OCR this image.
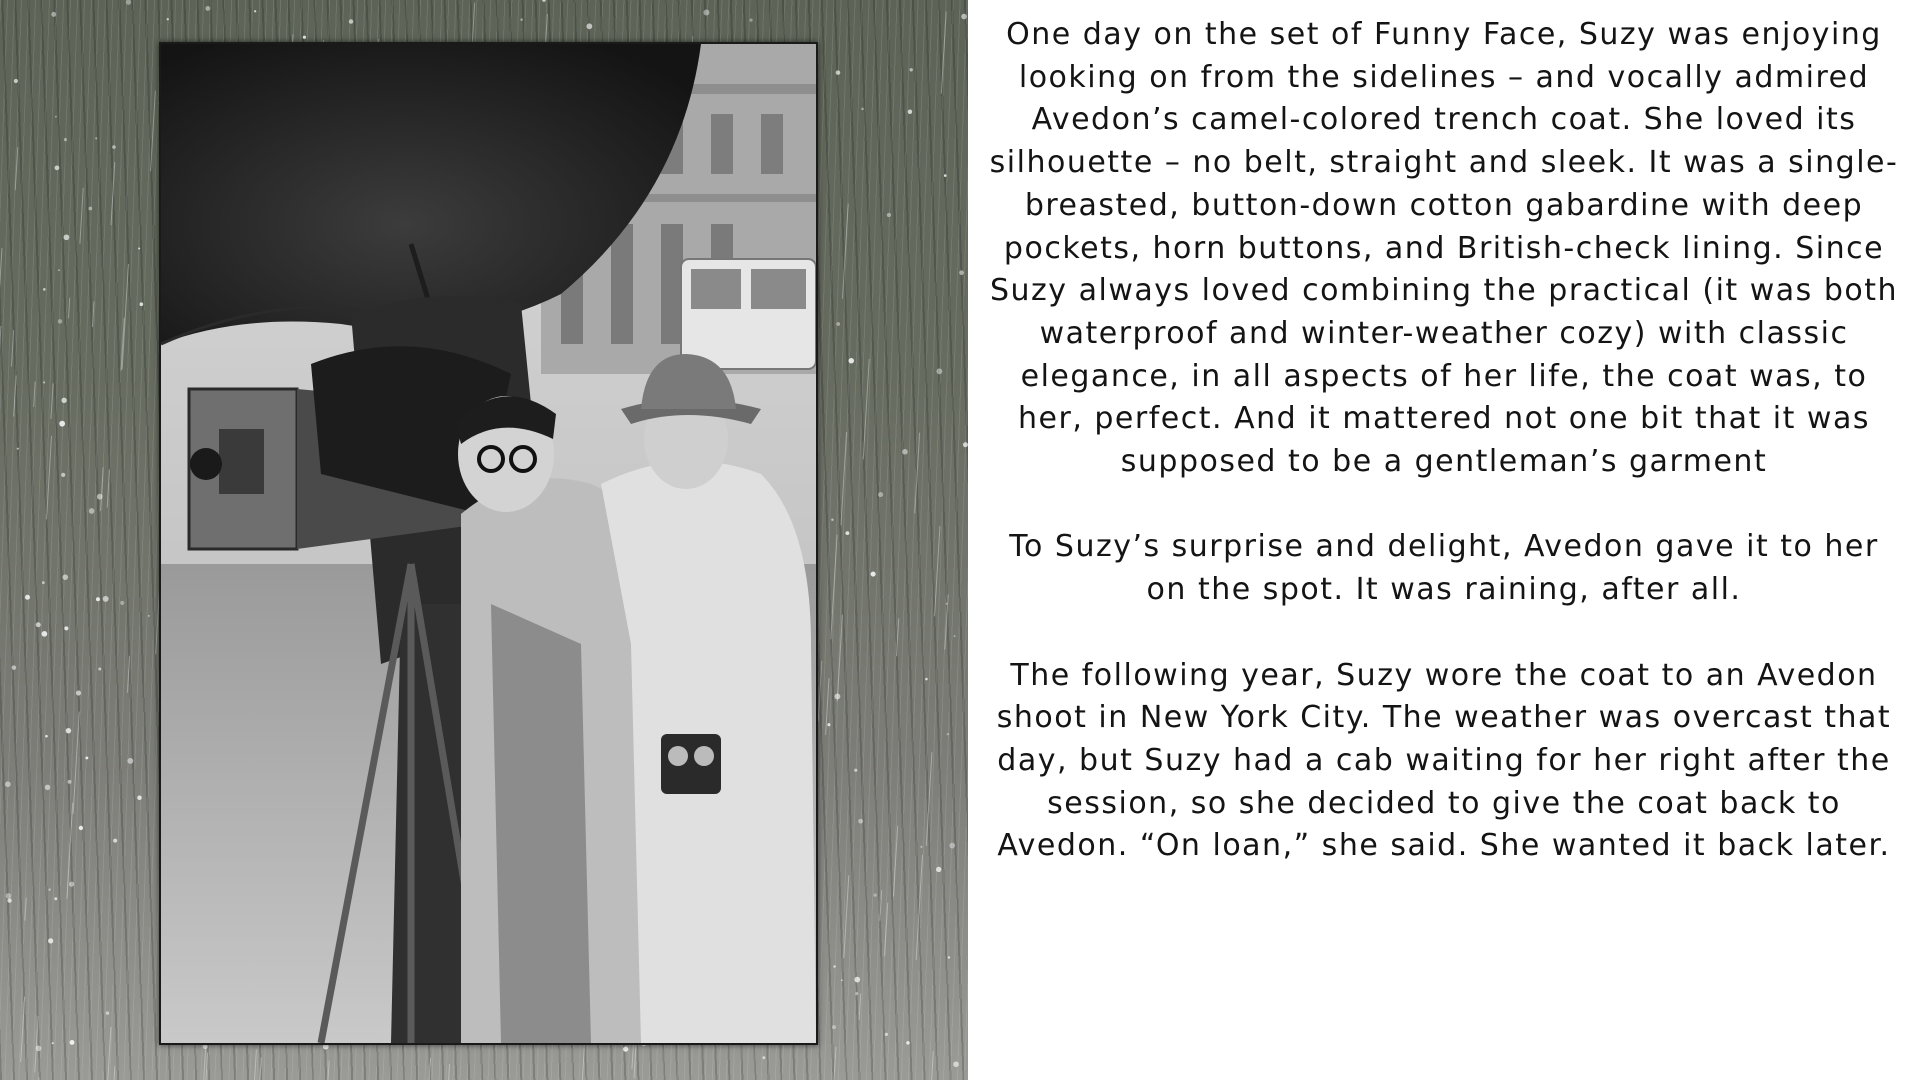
One day on the set of Funny Face, Suzy was enjoying looking on from the sidelines – and vocally admired Avedon’s camel-colored trench coat. She loved its silhouette – no belt, straight and sleek. It was a single-breasted, button-down cotton gabardine with deep pockets, horn buttons, and British-check lining. Since Suzy always loved combining the practical (it was both waterproof and winter-weather cozy) with classic elegance, in all aspects of her life, the coat was, to her, perfect. And it mattered not one bit that it was supposed to be a gentleman’s garment

To Suzy’s surprise and delight, Avedon gave it to her on the spot. It was raining, after all.

The following year, Suzy wore the coat to an Avedon shoot in New York City. The weather was overcast that day, but Suzy had a cab waiting for her right after the session, so she decided to give the coat back to Avedon. “On loan,” she said. She wanted it back later.
